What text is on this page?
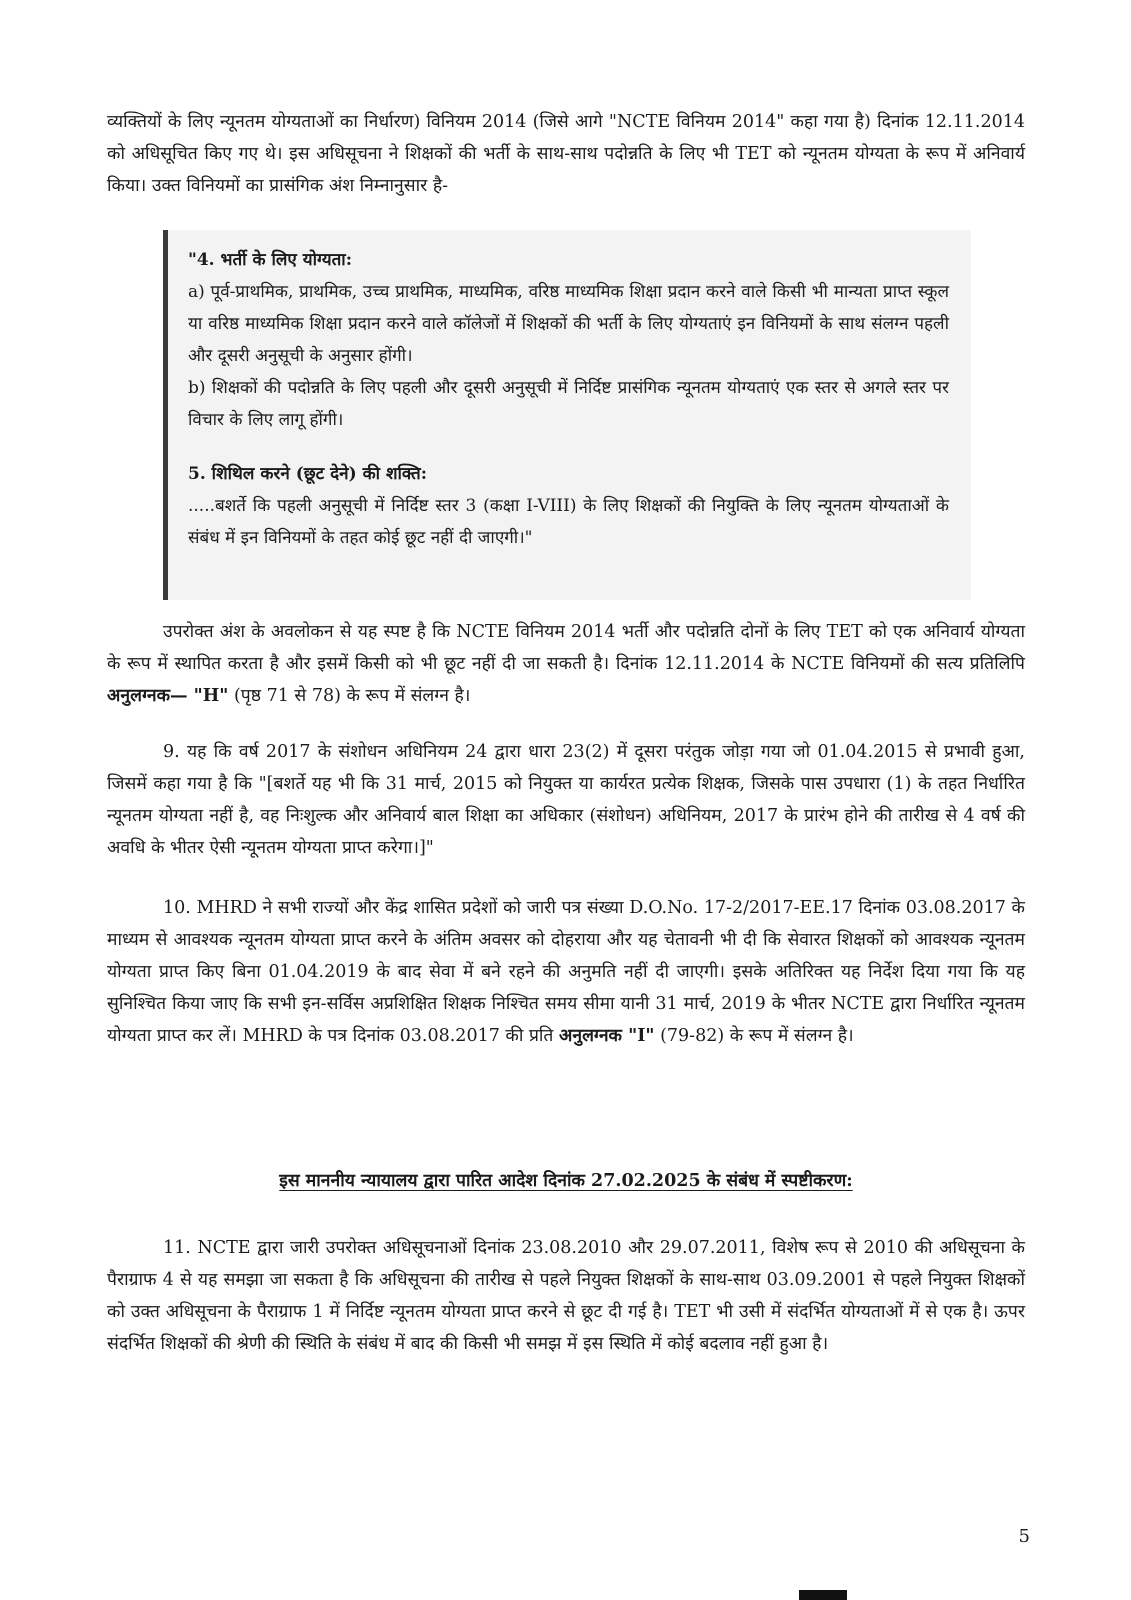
व्यक्तियों के लिए न्यूनतम योग्यताओं का निर्धारण) विनियम 2014 (जिसे आगे "NCTE विनियम 2014" कहा गया है) दिनांक 12.11.2014 को अधिसूचित किए गए थे। इस अधिसूचना ने शिक्षकों की भर्ती के साथ-साथ पदोन्नति के लिए भी TET को न्यूनतम योग्यता के रूप में अनिवार्य किया। उक्त विनियमों का प्रासंगिक अंश निम्नानुसार है-

"4. भर्ती के लिए योग्यता:

a) पूर्व-प्राथमिक, प्राथमिक, उच्च प्राथमिक, माध्यमिक, वरिष्ठ माध्यमिक शिक्षा प्रदान करने वाले किसी भी मान्यता प्राप्त स्कूल या वरिष्ठ माध्यमिक शिक्षा प्रदान करने वाले कॉलेजों में शिक्षकों की भर्ती के लिए योग्यताएं इन विनियमों के साथ संलग्न पहली और दूसरी अनुसूची के अनुसार होंगी।

b) शिक्षकों की पदोन्नति के लिए पहली और दूसरी अनुसूची में निर्दिष्ट प्रासंगिक न्यूनतम योग्यताएं एक स्तर से अगले स्तर पर विचार के लिए लागू होंगी।

5. शिथिल करने (छूट देने) की शक्ति:

.....बशर्ते कि पहली अनुसूची में निर्दिष्ट स्तर 3 (कक्षा I-VIII) के लिए शिक्षकों की नियुक्ति के लिए न्यूनतम योग्यताओं के संबंध में इन विनियमों के तहत कोई छूट नहीं दी जाएगी।"

उपरोक्त अंश के अवलोकन से यह स्पष्ट है कि NCTE विनियम 2014 भर्ती और पदोन्नति दोनों के लिए TET को एक अनिवार्य योग्यता के रूप में स्थापित करता है और इसमें किसी को भी छूट नहीं दी जा सकती है। दिनांक 12.11.2014 के NCTE विनियमों की सत्य प्रतिलिपि अनुलग्नक— "H" (पृष्ठ 71 से 78) के रूप में संलग्न है।

9. यह कि वर्ष 2017 के संशोधन अधिनियम 24 द्वारा धारा 23(2) में दूसरा परंतुक जोड़ा गया जो 01.04.2015 से प्रभावी हुआ, जिसमें कहा गया है कि "[बशर्ते यह भी कि 31 मार्च, 2015 को नियुक्त या कार्यरत प्रत्येक शिक्षक, जिसके पास उपधारा (1) के तहत निर्धारित न्यूनतम योग्यता नहीं है, वह निःशुल्क और अनिवार्य बाल शिक्षा का अधिकार (संशोधन) अधिनियम, 2017 के प्रारंभ होने की तारीख से 4 वर्ष की अवधि के भीतर ऐसी न्यूनतम योग्यता प्राप्त करेगा।]"

10. MHRD ने सभी राज्यों और केंद्र शासित प्रदेशों को जारी पत्र संख्या D.O.No. 17-2/2017-EE.17 दिनांक 03.08.2017 के माध्यम से आवश्यक न्यूनतम योग्यता प्राप्त करने के अंतिम अवसर को दोहराया और यह चेतावनी भी दी कि सेवारत शिक्षकों को आवश्यक न्यूनतम योग्यता प्राप्त किए बिना 01.04.2019 के बाद सेवा में बने रहने की अनुमति नहीं दी जाएगी। इसके अतिरिक्त यह निर्देश दिया गया कि यह सुनिश्चित किया जाए कि सभी इन-सर्विस अप्रशिक्षित शिक्षक निश्चित समय सीमा यानी 31 मार्च, 2019 के भीतर NCTE द्वारा निर्धारित न्यूनतम योग्यता प्राप्त कर लें। MHRD के पत्र दिनांक 03.08.2017 की प्रति अनुलग्नक "I" (79-82) के रूप में संलग्न है।

इस माननीय न्यायालय द्वारा पारित आदेश दिनांक 27.02.2025 के संबंध में स्पष्टीकरण:

11. NCTE द्वारा जारी उपरोक्त अधिसूचनाओं दिनांक 23.08.2010 और 29.07.2011, विशेष रूप से 2010 की अधिसूचना के पैराग्राफ 4 से यह समझा जा सकता है कि अधिसूचना की तारीख से पहले नियुक्त शिक्षकों के साथ-साथ 03.09.2001 से पहले नियुक्त शिक्षकों को उक्त अधिसूचना के पैराग्राफ 1 में निर्दिष्ट न्यूनतम योग्यता प्राप्त करने से छूट दी गई है। TET भी उसी में संदर्भित योग्यताओं में से एक है। ऊपर संदर्भित शिक्षकों की श्रेणी की स्थिति के संबंध में बाद की किसी भी समझ में इस स्थिति में कोई बदलाव नहीं हुआ है।

5
